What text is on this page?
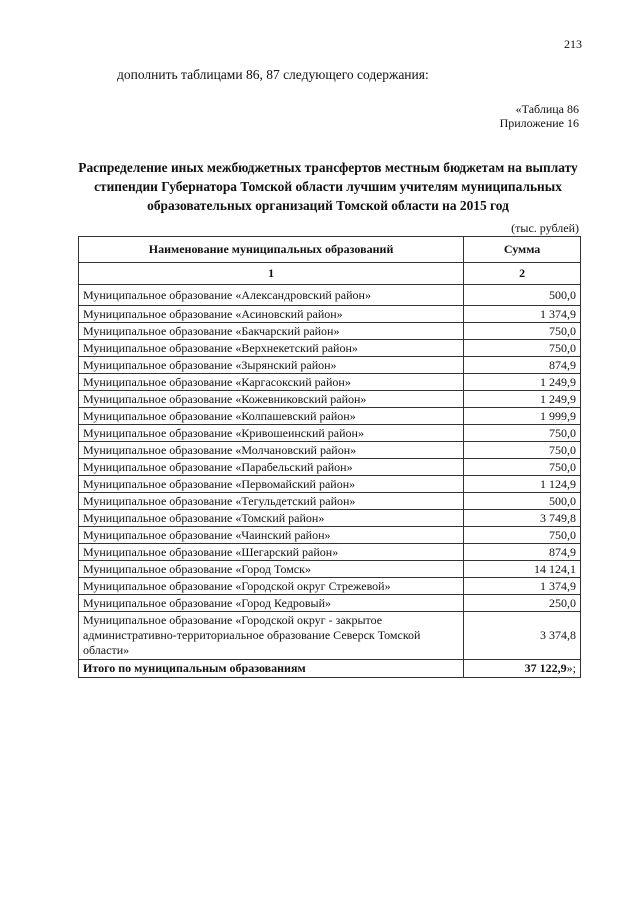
213
дополнить таблицами 86, 87 следующего содержания:
«Таблица 86
Приложение 16
Распределение иных межбюджетных трансфертов местным бюджетам на выплату стипендии Губернатора Томской области лучшим учителям муниципальных образовательных организаций Томской области на 2015 год
(тыс. рублей)
Наименование муниципальных образований	Сумма
1	2
Муниципальное образование «Александровский район»	500,0
Муниципальное образование «Асиновский район»	1 374,9
Муниципальное образование «Бакчарский район»	750,0
Муниципальное образование «Верхнекетский район»	750,0
Муниципальное образование «Зырянский район»	874,9
Муниципальное образование «Каргасокский район»	1 249,9
Муниципальное образование «Кожевниковский район»	1 249,9
Муниципальное образование «Колпашевский район»	1 999,9
Муниципальное образование «Кривошеинский район»	750,0
Муниципальное образование «Молчановский район»	750,0
Муниципальное образование «Парабельский район»	750,0
Муниципальное образование «Первомайский район»	1 124,9
Муниципальное образование «Тегульдетский район»	500,0
Муниципальное образование «Томский район»	3 749,8
Муниципальное образование «Чаинский район»	750,0
Муниципальное образование «Шегарский район»	874,9
Муниципальное образование «Город Томск»	14 124,1
Муниципальное образование «Городской округ Стрежевой»	1 374,9
Муниципальное образование «Город Кедровый»	250,0
Муниципальное образование «Городской округ - закрытое административно-территориальное образование Северск Томской области»	3 374,8
Итого по муниципальным образованиям	37 122,9»;
